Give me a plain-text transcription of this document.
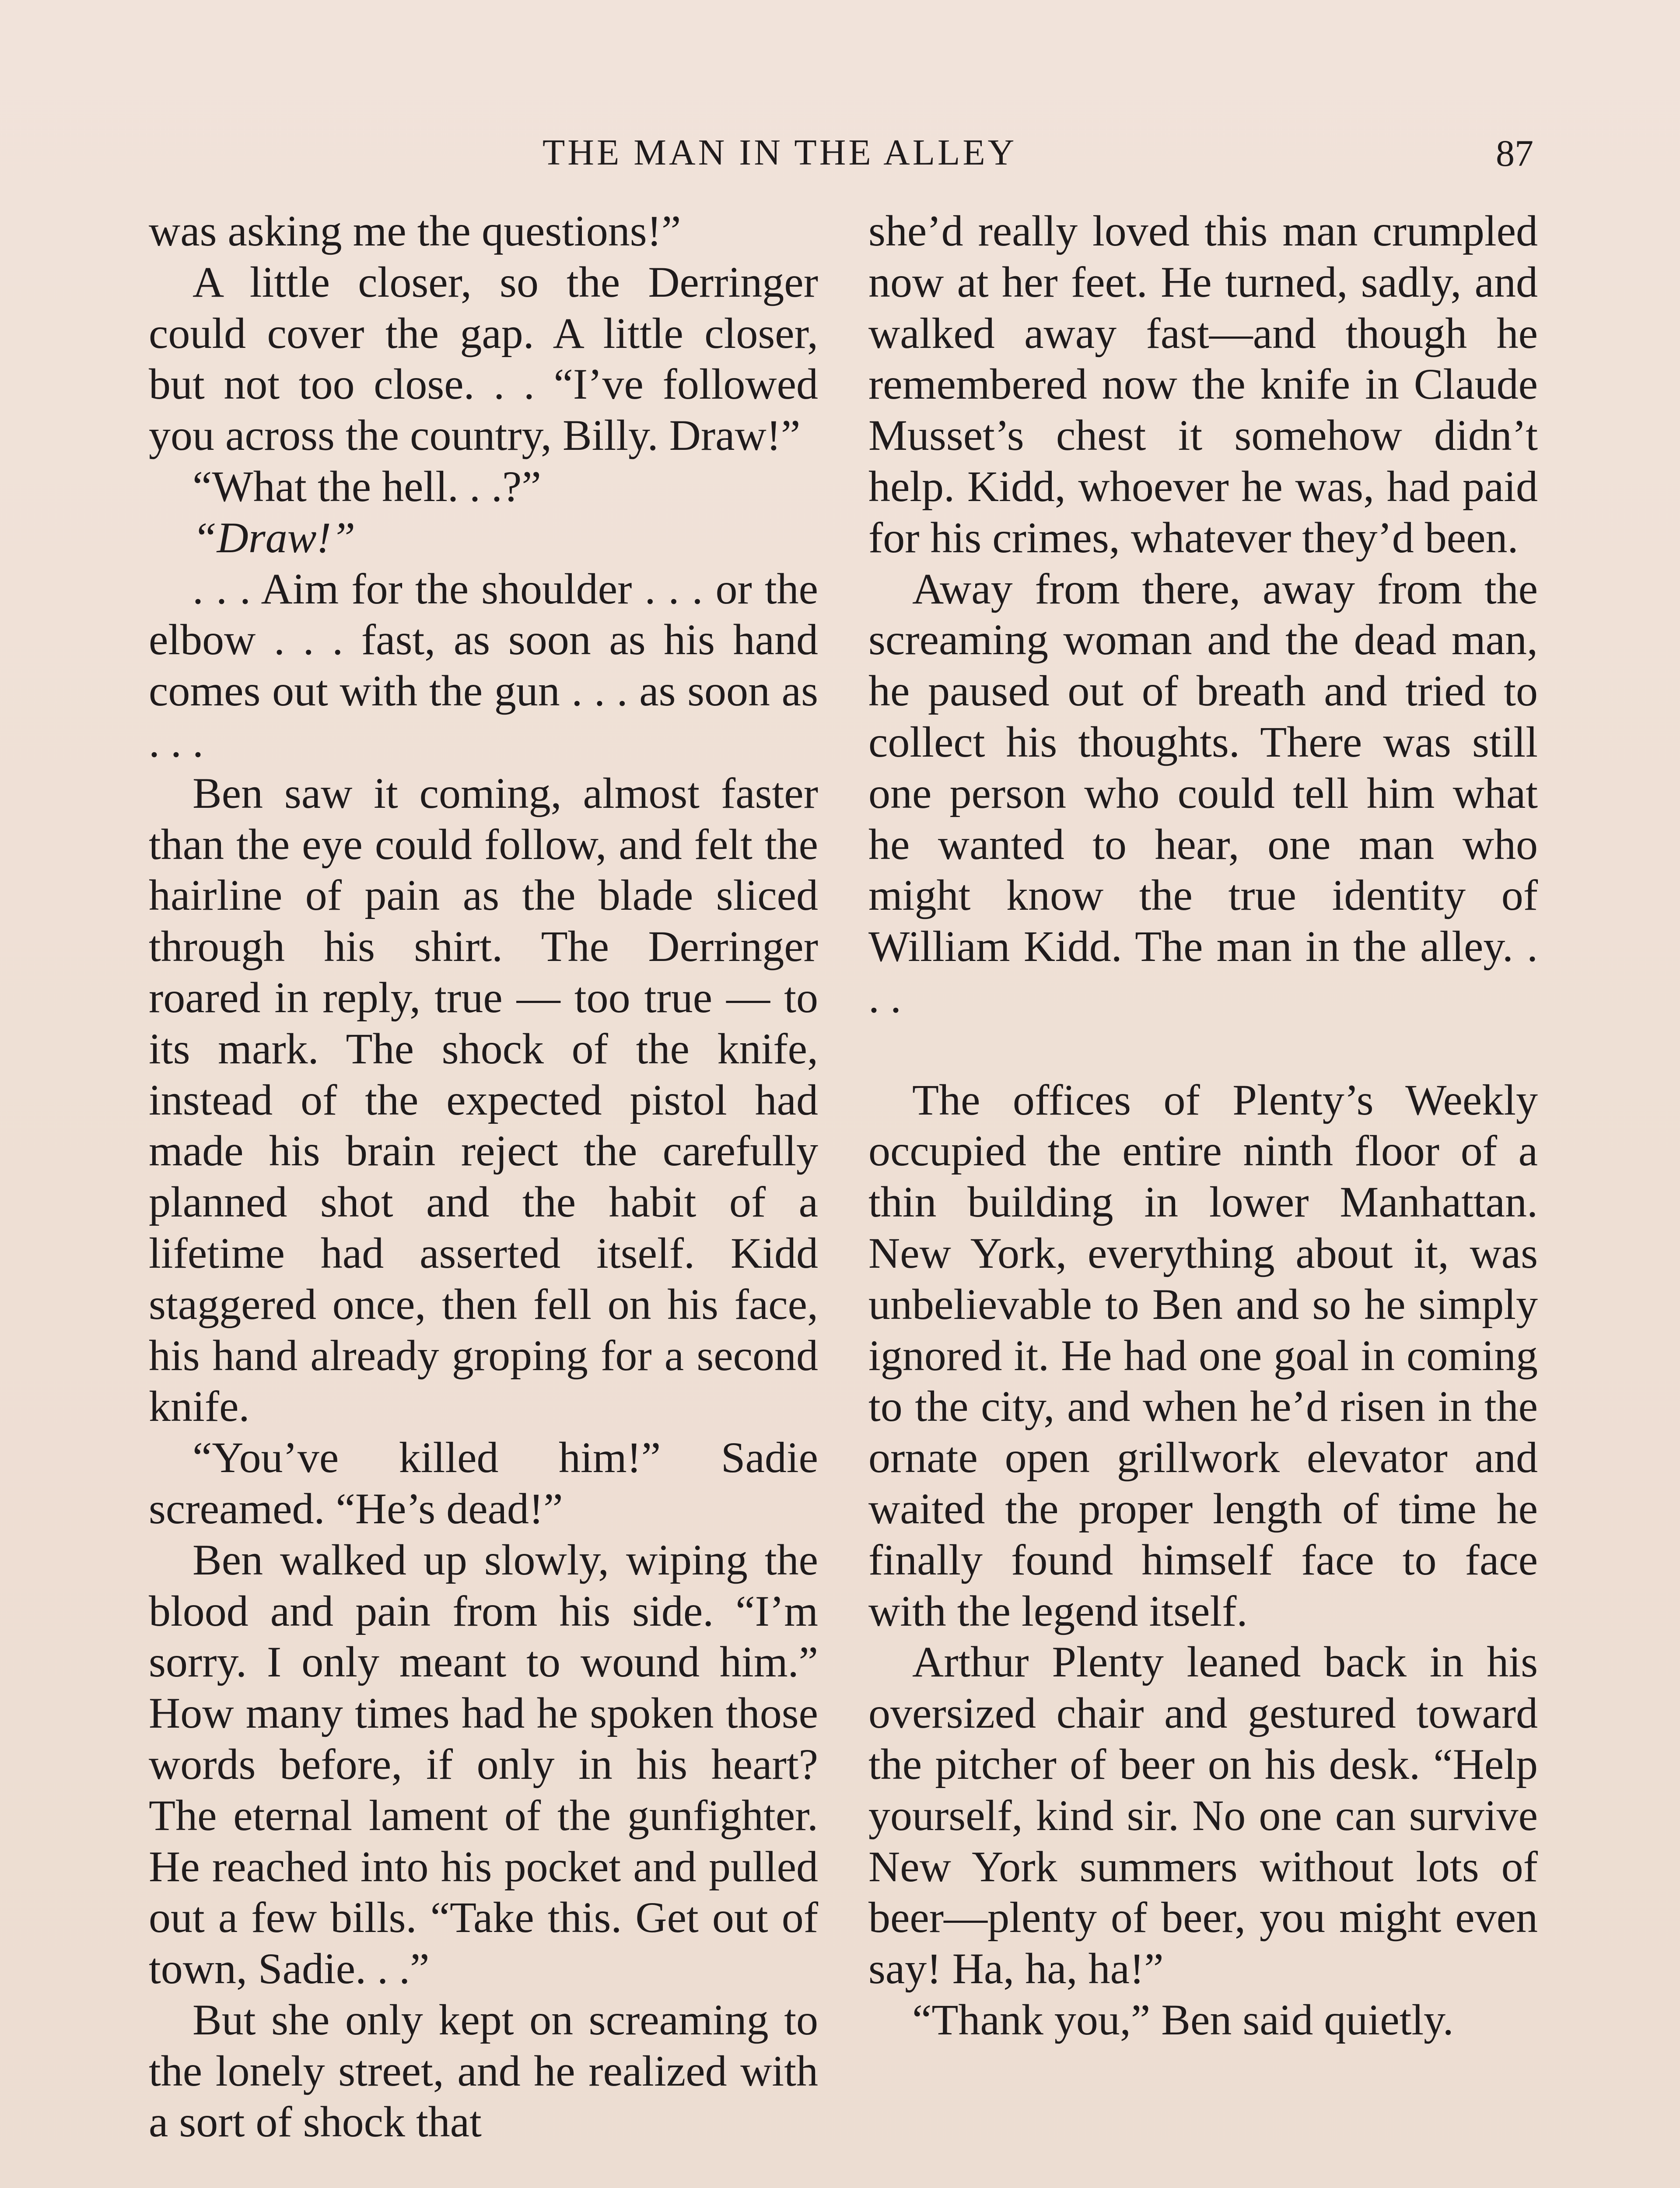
THE MAN IN THE ALLEY	87

was asking me the questions!”

A little closer, so the Derringer could cover the gap. A little closer, but not too close. . . “I’ve followed you across the country, Billy. Draw!”

“What the hell. . .?”

“Draw!”

. . . Aim for the shoulder . . . or the elbow . . . fast, as soon as his hand comes out with the gun . . . as soon as . . .

Ben saw it coming, almost faster than the eye could follow, and felt the hairline of pain as the blade sliced through his shirt. The Derringer roared in reply, true — too true — to its mark. The shock of the knife, instead of the expected pistol had made his brain reject the carefully planned shot and the habit of a lifetime had asserted itself. Kidd staggered once, then fell on his face, his hand already groping for a second knife.

“You’ve killed him!” Sadie screamed. “He’s dead!”

Ben walked up slowly, wiping the blood and pain from his side. “I’m sorry. I only meant to wound him.” How many times had he spoken those words before, if only in his heart? The eternal lament of the gunfighter. He reached into his pocket and pulled out a few bills. “Take this. Get out of town, Sadie. . .”

But she only kept on screaming to the lonely street, and he realized with a sort of shock that

she’d really loved this man crumpled now at her feet. He turned, sadly, and walked away fast—and though he remembered now the knife in Claude Musset’s chest it somehow didn’t help. Kidd, whoever he was, had paid for his crimes, whatever they’d been.

Away from there, away from the screaming woman and the dead man, he paused out of breath and tried to collect his thoughts. There was still one person who could tell him what he wanted to hear, one man who might know the true identity of William Kidd. The man in the alley. . . .

The offices of Plenty’s Weekly occupied the entire ninth floor of a thin building in lower Manhattan. New York, everything about it, was unbelievable to Ben and so he simply ignored it. He had one goal in coming to the city, and when he’d risen in the ornate open grillwork elevator and waited the proper length of time he finally found himself face to face with the legend itself.

Arthur Plenty leaned back in his oversized chair and gestured toward the pitcher of beer on his desk. “Help yourself, kind sir. No one can survive New York summers without lots of beer—plenty of beer, you might even say! Ha, ha, ha!”

“Thank you,” Ben said quietly.
